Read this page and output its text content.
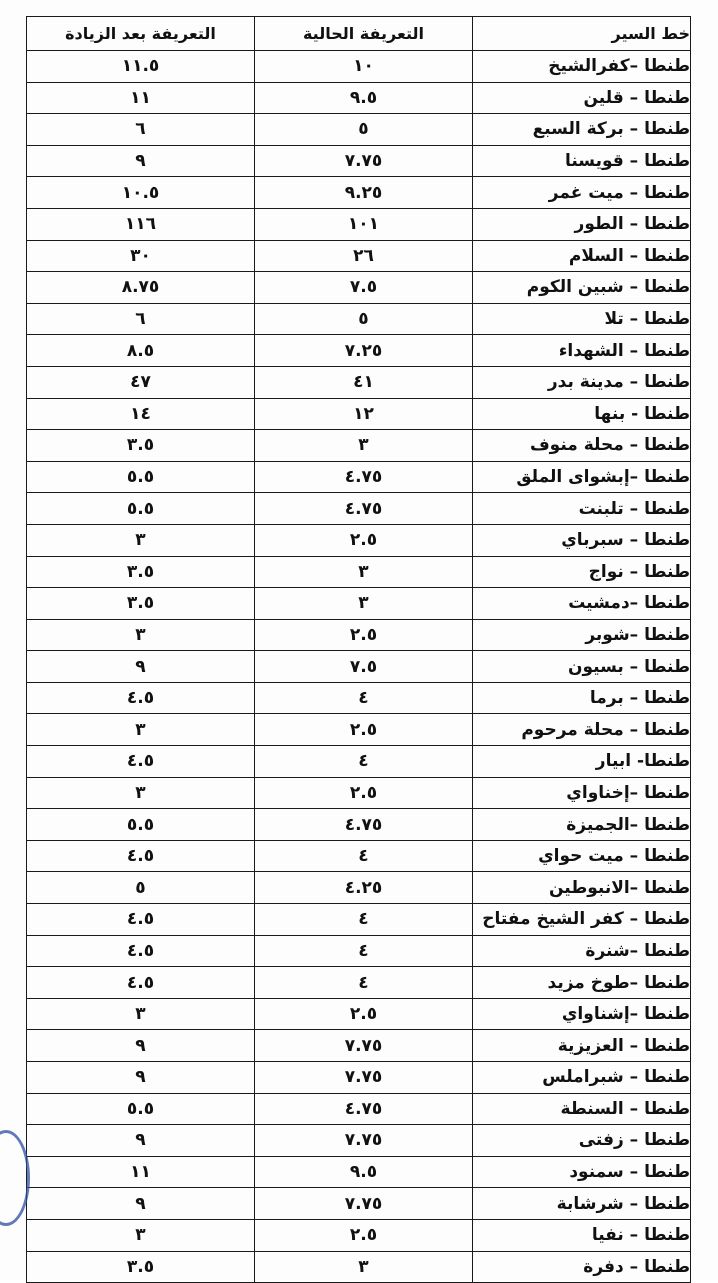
خط السير	التعريفة الحالية	التعريفة بعد الزيادة
طنطا –كفرالشيخ	١٠	١١.٥
طنطا – قلين	٩.٥	١١
طنطا – بركة السبع	٥	٦
طنطا – قويسنا	٧.٧٥	٩
طنطا – ميت غمر	٩.٢٥	١٠.٥
طنطا – الطور	١٠١	١١٦
طنطا – السلام	٢٦	٣٠
طنطا – شبين الكوم	٧.٥	٨.٧٥
طنطا – تلا	٥	٦
طنطا – الشهداء	٧.٢٥	٨.٥
طنطا – مدينة بدر	٤١	٤٧
طنطا - بنها	١٢	١٤
طنطا – محلة منوف	٣	٣.٥
طنطا –إبشواى الملق	٤.٧٥	٥.٥
طنطا – تلبنت	٤.٧٥	٥.٥
طنطا – سبرباي	٢.٥	٣
طنطا – نواج	٣	٣.٥
طنطا –دمشيت	٣	٣.٥
طنطا –شوبر	٢.٥	٣
طنطا – بسيون	٧.٥	٩
طنطا – برما	٤	٤.٥
طنطا – محلة مرحوم	٢.٥	٣
طنطا- ابيار	٤	٤.٥
طنطا –إخناواي	٢.٥	٣
طنطا –الجميزة	٤.٧٥	٥.٥
طنطا – ميت حواي	٤	٤.٥
طنطا –الانبوطين	٤.٢٥	٥
طنطا – كفر الشيخ مفتاح	٤	٤.٥
طنطا –شنرة	٤	٤.٥
طنطا –طوخ مزيد	٤	٤.٥
طنطا –إشناواي	٢.٥	٣
طنطا – العزيزية	٧.٧٥	٩
طنطا – شبراملس	٧.٧٥	٩
طنطا – السنطة	٤.٧٥	٥.٥
طنطا – زفتى	٧.٧٥	٩
طنطا – سمنود	٩.٥	١١
طنطا – شرشابة	٧.٧٥	٩
طنطا – نفيا	٢.٥	٣
طنطا – دفرة	٣	٣.٥
